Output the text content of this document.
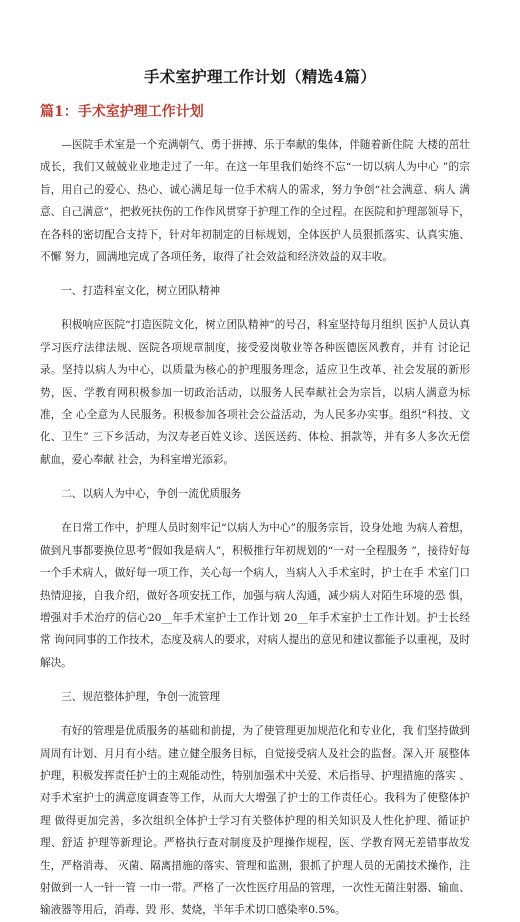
手术室护理工作计划（精选4篇）
篇1：手术室护理工作计划

—医院手术室是一个充满朝气、勇于拼搏、乐于奉献的集体，伴随着新住院 大楼的茁壮成长，我们又兢兢业业地走过了一年。在这一年里我们始终不忘“一切以病人为中心 ”的宗旨，用自己的爱心、热心、诚心满足每一位手术病人的需求，努力争创“社会满意、病人 满意、自己满意”，把救死扶伤的工作作风贯穿于护理工作的全过程。在医院和护理部领导下， 在各科的密切配合支持下，针对年初制定的目标规划，全体医护人员狠抓落实、认真实施、不懈 努力，圆满地完成了各项任务，取得了社会效益和经济效益的双丰收。

一、打造科室文化，树立团队精神

积极响应医院“打造医院文化，树立团队精神”的号召，科室坚持每月组织 医护人员认真学习医疗法律法规、医院各项规章制度，接受爱岗敬业等各种医德医风教育，并有 讨论记录。坚持以病人为中心，以质量为核心的护理服务理念，适应卫生改革、社会发展的新形 势，医、学教育网积极参加一切政治活动，以服务人民奉献社会为宗旨，以病人满意为标准，全 心全意为人民服务。积极参加各项社会公益活动，为人民多办实事。组织“科技、文化、卫生” 三下乡活动，为汉寿老百姓义诊、送医送药、体检、捐款等，并有多人多次无偿献血，爱心奉献 社会，为科室增光添彩。

二、以病人为中心，争创一流优质服务

在日常工作中，护理人员时刻牢记“以病人为中心”的服务宗旨，设身处地 为病人着想，做到凡事都要换位思考“假如我是病人”，积极推行年初规划的“一对一全程服务 ”，接待好每一个手术病人，做好每一项工作，关心每一个病人，当病人入手术室时，护士在手 术室门口热情迎接，自我介绍，做好各项安抚工作，加强与病人沟通，减少病人对陌生环境的恐 惧，增强对手术治疗的信心20__年手术室护士工作计划 20__年手术室护士工作计划。护士长经常 询问同事的工作技术，态度及病人的要求，对病人提出的意见和建议都能予以重视，及时解决。

三、规范整体护理，争创一流管理

有好的管理是优质服务的基础和前提，为了使管理更加规范化和专业化，我 们坚持做到周周有计划、月月有小结。建立健全服务目标，自觉接受病人及社会的监督。深入开 展整体护理，积极发挥责任护士的主观能动性，特别加强术中关爱、术后指导、护理措施的落实 、对手术室护士的满意度调查等工作，从而大大增强了护士的工作责任心。我科为了使整体护理 做得更加完善，多次组织全体护士学习有关整体护理的相关知识及人性化护理、循证护理、舒适 护理等新理论。严格执行查对制度及护理操作规程，医、学教育网无差错事故发生，严格消毒、 灭菌、隔离措施的落实、管理和监测，狠抓了护理人员的无菌技术操作，注射做到一人一针一管 一巾一带。严格了一次性医疗用品的管理，一次性无菌注射器、输血、输液器等用后，消毒、毁 形、焚烧，半年手术切口感染率0.5%。
